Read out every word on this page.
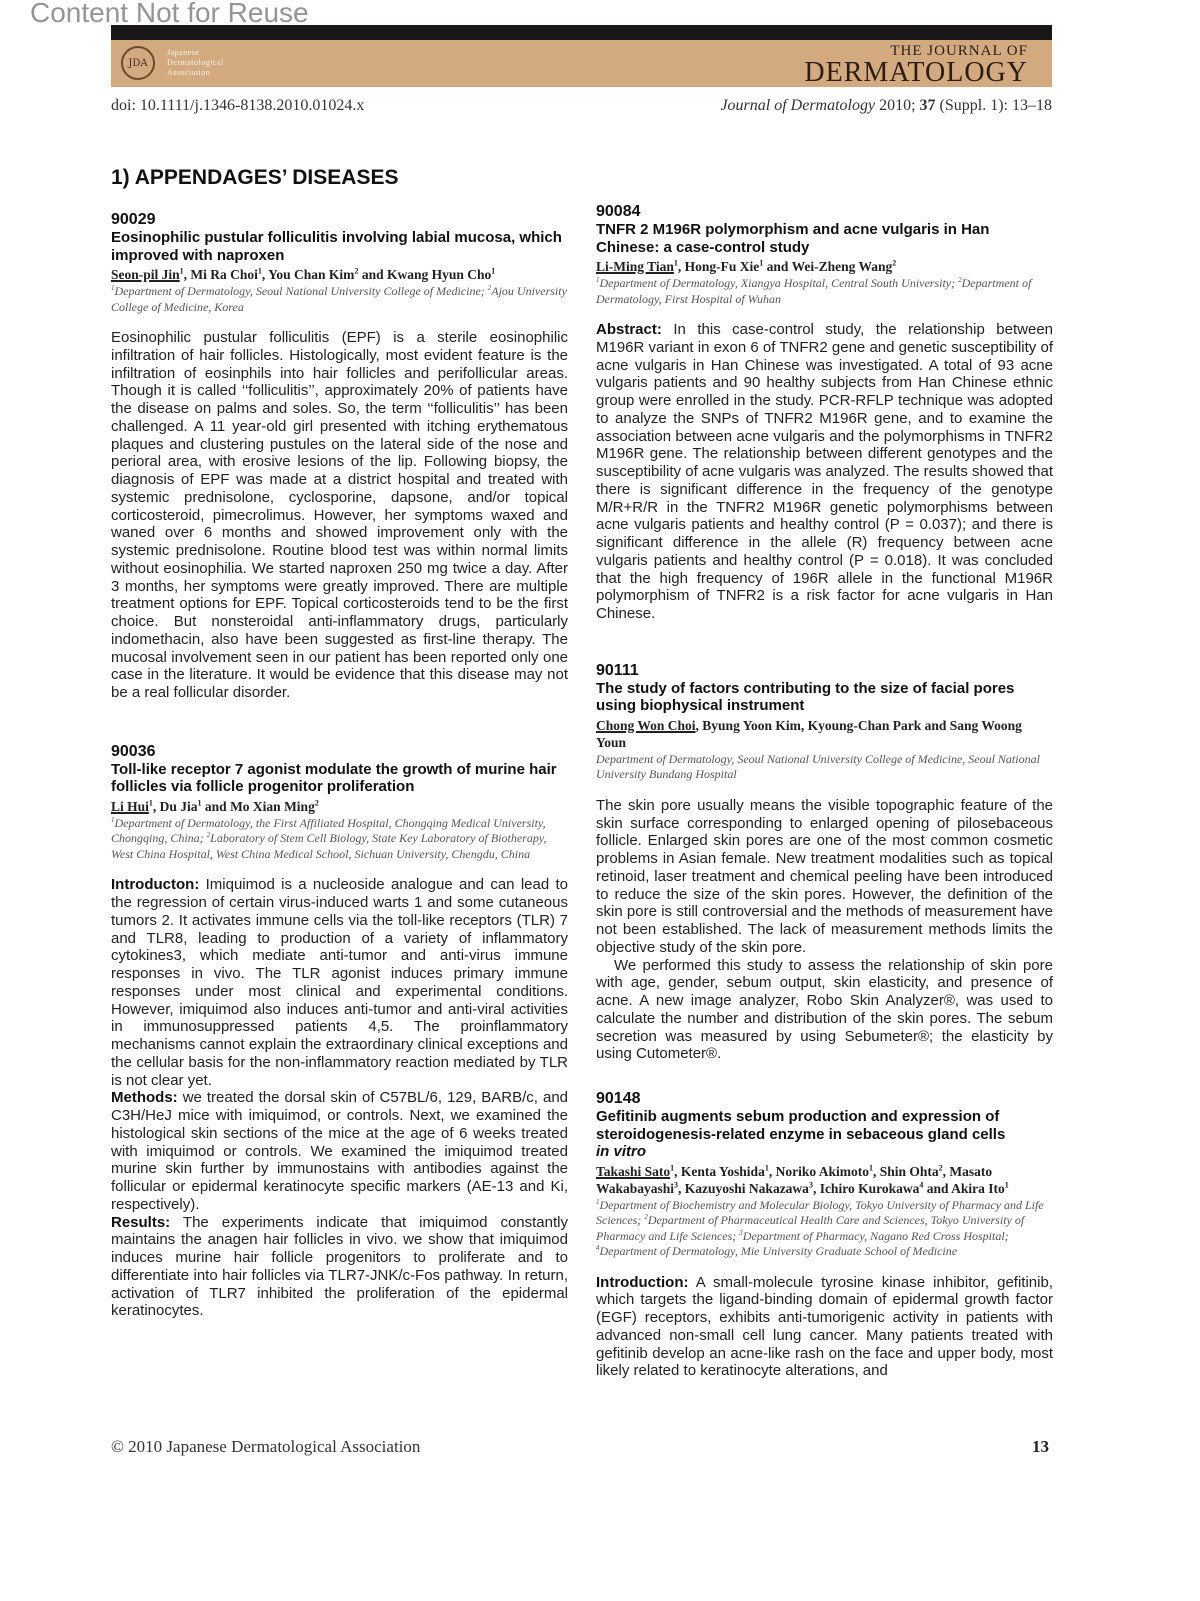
Content Not for Reuse
JDA
Japanese
Dermatological
Association
THE JOURNAL OF
DERMATOLOGY
doi: 10.1111/j.1346-8138.2010.01024.x	Journal of Dermatology 2010; 37 (Suppl. 1): 13–18
1) APPENDAGES’ DISEASES
90029
Eosinophilic pustular folliculitis involving labial mucosa, which improved with naproxen
Seon-pil Jin$^1$, Mi Ra Choi$^1$, You Chan Kim$^2$ and Kwang Hyun Cho$^1$
$^1$Department of Dermatology, Seoul National University College of Medicine; $^2$Ajou University College of Medicine, Korea

Eosinophilic pustular folliculitis (EPF) is a sterile eosinophilic infiltration of hair follicles. Histologically, most evident feature is the infiltration of eosinphils into hair follicles and perifollicular areas. Though it is called ‘‘folliculitis’’, approximately 20% of patients have the disease on palms and soles. So, the term ‘‘folliculitis’’ has been challenged. A 11 year-old girl presented with itching erythematous plaques and clustering pustules on the lateral side of the nose and perioral area, with erosive lesions of the lip. Following biopsy, the diagnosis of EPF was made at a district hospital and treated with systemic prednisolone, cyclosporine, dapsone, and/or topical corticosteroid, pimecrolimus. However, her symptoms waxed and waned over 6 months and showed improvement only with the systemic prednisolone. Routine blood test was within normal limits without eosinophilia. We started naproxen 250 mg twice a day. After 3 months, her symptoms were greatly improved. There are multiple treatment options for EPF. Topical corticosteroids tend to be the first choice. But nonsteroidal anti-inflammatory drugs, particularly indomethacin, also have been suggested as first-line therapy. The mucosal involvement seen in our patient has been reported only one case in the literature. It would be evidence that this disease may not be a real follicular disorder.

90036
Toll-like receptor 7 agonist modulate the growth of murine hair follicles via follicle progenitor proliferation
Li Hui$^1$, Du Jia$^1$ and Mo Xian Ming$^2$
$^1$Department of Dermatology, the First Affiliated Hospital, Chongqing Medical University, Chongqing, China; $^2$Laboratory of Stem Cell Biology, State Key Laboratory of Biotherapy, West China Hospital, West China Medical School, Sichuan University, Chengdu, China

Introducton: Imiquimod is a nucleoside analogue and can lead to the regression of certain virus-induced warts 1 and some cutaneous tumors 2. It activates immune cells via the toll-like receptors (TLR) 7 and TLR8, leading to production of a variety of inflammatory cytokines3, which mediate anti-tumor and anti-virus immune responses in vivo. The TLR agonist induces primary immune responses under most clinical and experimental conditions. However, imiquimod also induces anti-tumor and anti-viral activities in immunosuppressed patients 4,5. The proinflammatory mechanisms cannot explain the extraordinary clinical exceptions and the cellular basis for the non-inflammatory reaction mediated by TLR is not clear yet.

Methods: we treated the dorsal skin of C57BL/6, 129, BARB/c, and C3H/HeJ mice with imiquimod, or controls. Next, we examined the histological skin sections of the mice at the age of 6 weeks treated with imiquimod or controls. We examined the imiquimod treated murine skin further by immunostains with antibodies against the follicular or epidermal keratinocyte specific markers (AE-13 and Ki, respectively).

Results: The experiments indicate that imiquimod constantly maintains the anagen hair follicles in vivo. we show that imiquimod induces murine hair follicle progenitors to proliferate and to differentiate into hair follicles via TLR7-JNK/c-Fos pathway. In return, activation of TLR7 inhibited the proliferation of the epidermal keratinocytes.

90084
TNFR 2 M196R polymorphism and acne vulgaris in Han Chinese: a case-control study
Li-Ming Tian$^1$, Hong-Fu Xie$^1$ and Wei-Zheng Wang$^2$
$^1$Department of Dermatology, Xiangya Hospital, Central South University; $^2$Department of Dermatology, First Hospital of Wuhan

Abstract: In this case-control study, the relationship between M196R variant in exon 6 of TNFR2 gene and genetic susceptibility of acne vulgaris in Han Chinese was investigated. A total of 93 acne vulgaris patients and 90 healthy subjects from Han Chinese ethnic group were enrolled in the study. PCR-RFLP technique was adopted to analyze the SNPs of TNFR2 M196R gene, and to examine the association between acne vulgaris and the polymorphisms in TNFR2 M196R gene. The relationship between different genotypes and the susceptibility of acne vulgaris was analyzed. The results showed that there is significant difference in the frequency of the genotype M/R+R/R in the TNFR2 M196R genetic polymorphisms between acne vulgaris patients and healthy control (P = 0.037); and there is significant difference in the allele (R) frequency between acne vulgaris patients and healthy control (P = 0.018). It was concluded that the high frequency of 196R allele in the functional M196R polymorphism of TNFR2 is a risk factor for acne vulgaris in Han Chinese.

90111
The study of factors contributing to the size of facial pores using biophysical instrument
Chong Won Choi, Byung Yoon Kim, Kyoung-Chan Park and Sang Woong Youn
Department of Dermatology, Seoul National University College of Medicine, Seoul National University Bundang Hospital

The skin pore usually means the visible topographic feature of the skin surface corresponding to enlarged opening of pilosebaceous follicle. Enlarged skin pores are one of the most common cosmetic problems in Asian female. New treatment modalities such as topical retinoid, laser treatment and chemical peeling have been introduced to reduce the size of the skin pores. However, the definition of the skin pore is still controversial and the methods of measurement have not been established. The lack of measurement methods limits the objective study of the skin pore.

We performed this study to assess the relationship of skin pore with age, gender, sebum output, skin elasticity, and presence of acne. A new image analyzer, Robo Skin Analyzer®, was used to calculate the number and distribution of the skin pores. The sebum secretion was measured by using Sebumeter®; the elasticity by using Cutometer®.

90148
Gefitinib augments sebum production and expression of steroidogenesis-related enzyme in sebaceous gland cells
in vitro
Takashi Sato$^1$, Kenta Yoshida$^1$, Noriko Akimoto$^1$, Shin Ohta$^2$, Masato Wakabayashi$^3$, Kazuyoshi Nakazawa$^3$, Ichiro Kurokawa$^4$ and Akira Ito$^1$
$^1$Department of Biochemistry and Molecular Biology, Tokyo University of Pharmacy and Life Sciences; $^2$Department of Pharmaceutical Health Care and Sciences, Tokyo University of Pharmacy and Life Sciences; $^3$Department of Pharmacy, Nagano Red Cross Hospital; $^4$Department of Dermatology, Mie University Graduate School of Medicine

Introduction: A small-molecule tyrosine kinase inhibitor, gefitinib, which targets the ligand-binding domain of epidermal growth factor (EGF) receptors, exhibits anti-tumorigenic activity in patients with advanced non-small cell lung cancer. Many patients treated with gefitinib develop an acne-like rash on the face and upper body, most likely related to keratinocyte alterations, and

© 2010 Japanese Dermatological Association	13
